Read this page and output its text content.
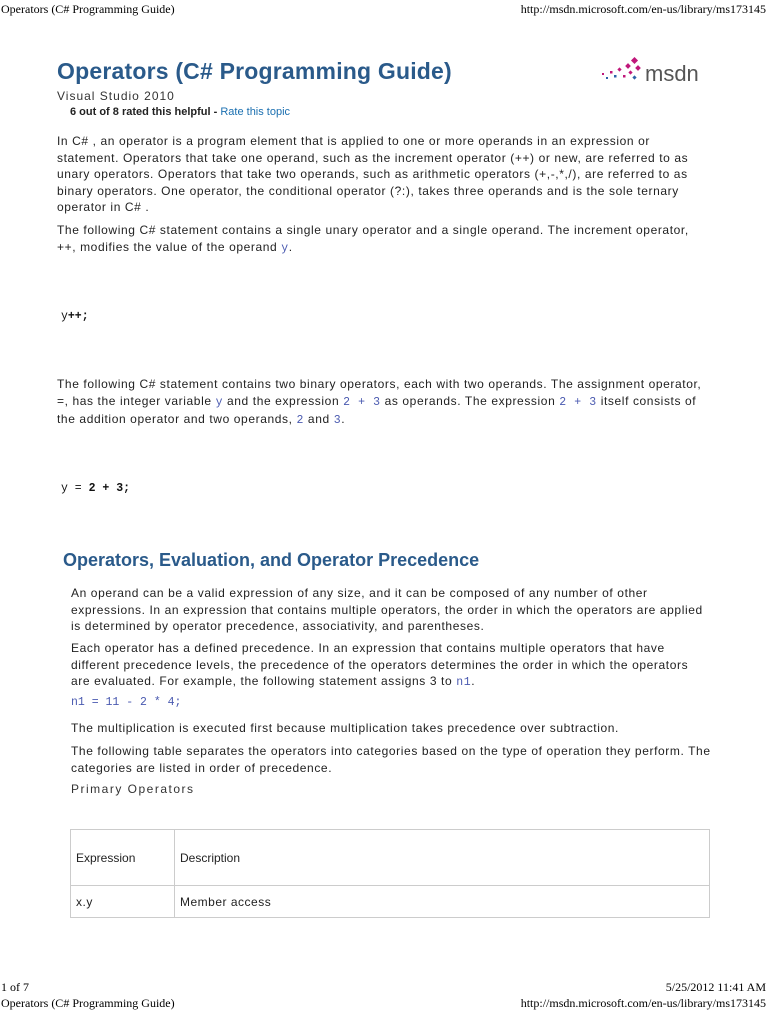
Operators (C# Programming Guide)	http://msdn.microsoft.com/en-us/library/ms173145
Operators (C# Programming Guide)
Visual Studio 2010
6 out of 8 rated this helpful - Rate this topic
msdn
In C# , an operator is a program element that is applied to one or more operands in an expression or statement. Operators that take one operand, such as the increment operator (++) or new, are referred to as unary operators. Operators that take two operands, such as arithmetic operators (+,-,*,/), are referred to as binary operators. One operator, the conditional operator (?:), takes three operands and is the sole ternary operator in C# .
The following C# statement contains a single unary operator and a single operand. The increment operator, ++, modifies the value of the operand y.
y++;
The following C# statement contains two binary operators, each with two operands. The assignment operator, =, has the integer variable y and the expression 2 + 3 as operands. The expression 2 + 3 itself consists of the addition operator and two operands, 2 and 3.
y = 2 + 3;
Operators, Evaluation, and Operator Precedence
An operand can be a valid expression of any size, and it can be composed of any number of other expressions. In an expression that contains multiple operators, the order in which the operators are applied is determined by operator precedence, associativity, and parentheses.
Each operator has a defined precedence. In an expression that contains multiple operators that have different precedence levels, the precedence of the operators determines the order in which the operators are evaluated. For example, the following statement assigns 3 to n1.
n1 = 11 - 2 * 4;
The multiplication is executed first because multiplication takes precedence over subtraction.
The following table separates the operators into categories based on the type of operation they perform. The categories are listed in order of precedence.
Primary Operators
Expression	Description
x.y	Member access
1 of 7	5/25/2012 11:41 AM
Operators (C# Programming Guide)	http://msdn.microsoft.com/en-us/library/ms173145
